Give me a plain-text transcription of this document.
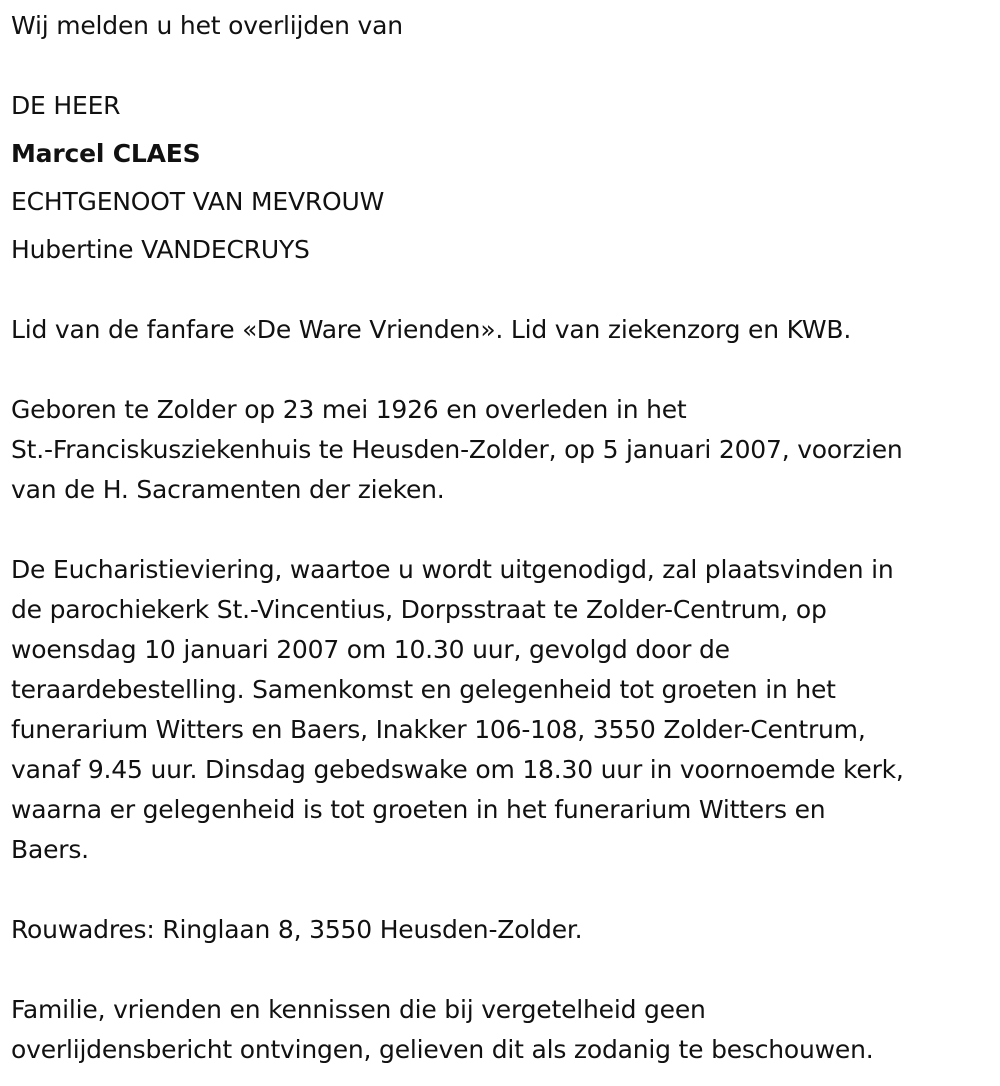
Wij melden u het overlijden van

DE HEER

Marcel CLAES

ECHTGENOOT VAN MEVROUW

Hubertine VANDECRUYS

Lid van de fanfare «De Ware Vrienden». Lid van ziekenzorg en KWB.

Geboren te Zolder op 23 mei 1926 en overleden in het

St.-Franciskusziekenhuis te Heusden-Zolder, op 5 januari 2007, voorzien

van de H. Sacramenten der zieken.

De Eucharistieviering, waartoe u wordt uitgenodigd, zal plaatsvinden in

de parochiekerk St.-Vincentius, Dorpsstraat te Zolder-Centrum, op

woensdag 10 januari 2007 om 10.30 uur, gevolgd door de

teraardebestelling. Samenkomst en gelegenheid tot groeten in het

funerarium Witters en Baers, Inakker 106-108, 3550 Zolder-Centrum,

vanaf 9.45 uur. Dinsdag gebedswake om 18.30 uur in voornoemde kerk,

waarna er gelegenheid is tot groeten in het funerarium Witters en

Baers.

Rouwadres: Ringlaan 8, 3550 Heusden-Zolder.

Familie, vrienden en kennissen die bij vergetelheid geen

overlijdensbericht ontvingen, gelieven dit als zodanig te beschouwen.
